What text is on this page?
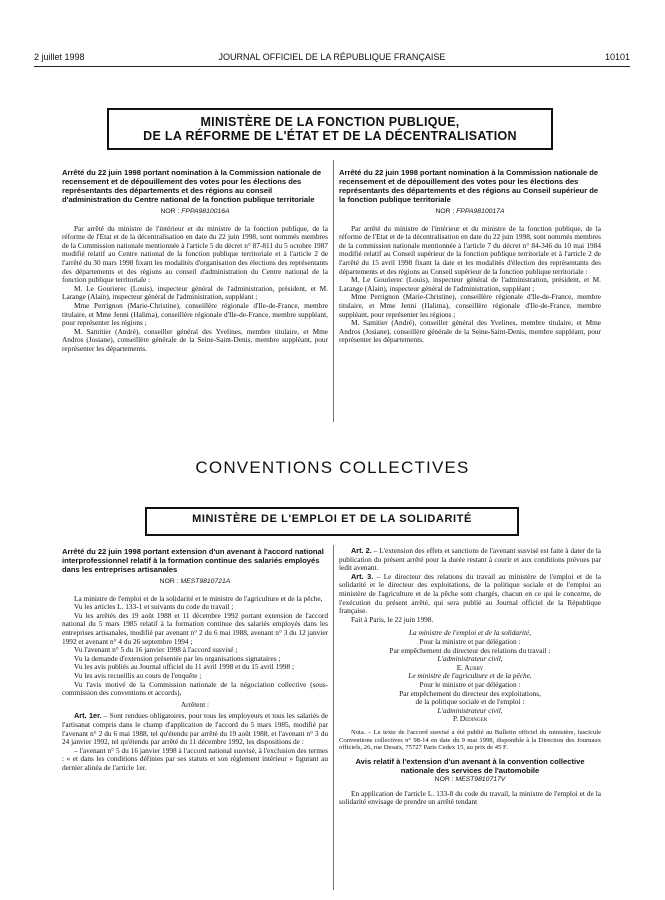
2 juillet 1998	JOURNAL OFFICIEL DE LA RÉPUBLIQUE FRANÇAISE	10101
MINISTÈRE DE LA FONCTION PUBLIQUE,
DE LA RÉFORME DE L'ÉTAT ET DE LA DÉCENTRALISATION

Arrêté du 22 juin 1998 portant nomination à la Commission nationale de recensement et de dépouillement des votes pour les élections des représentants des départements et des régions au conseil d'administration du Centre national de la fonction publique territoriale

NOR : FPPA9810016A

Par arrêté du ministre de l'intérieur et du ministre de la fonction publique, de la réforme de l'Etat et de la décentralisation en date du 22 juin 1998, sont nommés membres de la Commission nationale mentionnée à l'article 5 du décret n° 87-811 du 5 octobre 1987 modifié relatif au Centre national de la fonction publique territoriale et à l'article 2 de l'arrêté du 30 mars 1998 fixant les modalités d'organisation des élections des représentants des départements et des régions au conseil d'administration du Centre national de la fonction publique territoriale :

M. Le Gourierec (Louis), inspecteur général de l'administration, président, et M. Larange (Alain), inspecteur général de l'administration, suppléant ;

Mme Perrignon (Marie-Christine), conseillère régionale d'Ile-de-France, membre titulaire, et Mme Jenni (Halima), conseillère régionale d'Ile-de-France, membre suppléant, pour représenter les régions ;

M. Samitier (André), conseiller général des Yvelines, membre titulaire, et Mme Andros (Josiane), conseillère générale de la Seine-Saint-Denis, membre suppléant, pour représenter les départements.

Arrêté du 22 juin 1998 portant nomination à la Commission nationale de recensement et de dépouillement des votes pour les élections des représentants des départements et des régions au Conseil supérieur de la fonction publique territoriale

NOR : FPPA9810017A

Par arrêté du ministre de l'intérieur et du ministre de la fonction publique, de la réforme de l'Etat et de la décentralisation en date du 22 juin 1998, sont nommés membres de la commission nationale mentionnée à l'article 7 du décret n° 84-346 du 10 mai 1984 modifié relatif au Conseil supérieur de la fonction publique territoriale et à l'article 2 de l'arrêté du 15 avril 1998 fixant la date et les modalités d'élection des représentants des départements et des régions au Conseil supérieur de la fonction publique territoriale :

M. Le Gourierec (Louis), inspecteur général de l'administration, président, et M. Larange (Alain), inspecteur général de l'administration, suppléant ;

Mme Perrignon (Marie-Christine), conseillère régionale d'Ile-de-France, membre titulaire, et Mme Jenni (Halima), conseillère régionale d'Ile-de-France, membre suppléant, pour représenter les régions ;

M. Samitier (André), conseiller général des Yvelines, membre titulaire, et Mme Andros (Josiane), conseillère générale de la Seine-Saint-Denis, membre suppléant, pour représenter les départements.

CONVENTIONS COLLECTIVES
MINISTÈRE DE L'EMPLOI ET DE LA SOLIDARITÉ

Arrêté du 22 juin 1998 portant extension d'un avenant à l'accord national interprofessionnel relatif à la formation continue des salariés employés dans les entreprises artisanales

NOR : MEST9810721A

La ministre de l'emploi et de la solidarité et le ministre de l'agriculture et de la pêche,

Vu les articles L. 133-1 et suivants du code du travail ;

Vu les arrêtés des 19 août 1988 et 11 décembre 1992 portant extension de l'accord national du 5 mars 1985 relatif à la formation continue des salariés employés dans les entreprises artisanales, modifié par avenant n° 2 du 6 mai 1988, avenant n° 3 du 12 janvier 1992 et avenant n° 4 du 26 septembre 1994 ;

Vu l'avenant n° 5 du 16 janvier 1998 à l'accord susvisé ;

Vu la demande d'extension présentée par les organisations signataires ;

Vu les avis publiés au Journal officiel du 11 avril 1998 et du 15 avril 1998 ;

Vu les avis recueillis au cours de l'enquête ;

Vu l'avis motivé de la Commission nationale de la négociation collective (sous-commission des conventions et accords),

Arrêtent :

Art. 1er. – Sont rendues obligatoires, pour tous les employeurs et tous les salariés de l'artisanat compris dans le champ d'application de l'accord du 5 mars 1985, modifié par l'avenant n° 2 du 6 mai 1988, tel qu'étendu par arrêté du 19 août 1988, et l'avenant n° 3 du 24 janvier 1992, tel qu'étendu par arrêté du 11 décembre 1992, les dispositions de :

– l'avenant n° 5 du 16 janvier 1998 à l'accord national susvisé, à l'exclusion des termes : « et dans les conditions définies par ses statuts et son règlement intérieur » figurant au dernier alinéa de l'article 1er.

Art. 2. – L'extension des effets et sanctions de l'avenant susvisé est faite à dater de la publication du présent arrêté pour la durée restant à courir et aux conditions prévues par ledit avenant.

Art. 3. – Le directeur des relations du travail au ministère de l'emploi et de la solidarité et le directeur des exploitations, de la politique sociale et de l'emploi au ministère de l'agriculture et de la pêche sont chargés, chacun en ce qui le concerne, de l'exécution du présent arrêté, qui sera publié au Journal officiel de la République française.

Fait à Paris, le 22 juin 1998.

La ministre de l'emploi et de la solidarité,

Pour la ministre et par délégation :

Par empêchement du directeur des relations du travail :

L'administrateur civil,

E. Aubry

Le ministre de l'agriculture et de la pêche,

Pour le ministre et par délégation :

Par empêchement du directeur des exploitations,

de la politique sociale et de l'emploi :

L'administrateur civil,

P. Dedinger

Nota. – Le texte de l'accord susvisé a été publié au Bulletin officiel du ministère, fascicule Conventions collectives n° 98-14 en date du 9 mai 1998, disponible à la Direction des Journaux officiels, 26, rue Desaix, 75727 Paris Cedex 15, au prix de 45 F.

Avis relatif à l'extension d'un avenant à la convention collective nationale des services de l'automobile

NOR : MEST9810717V

En application de l'article L. 133-8 du code du travail, la ministre de l'emploi et de la solidarité envisage de prendre un arrêté tendant
